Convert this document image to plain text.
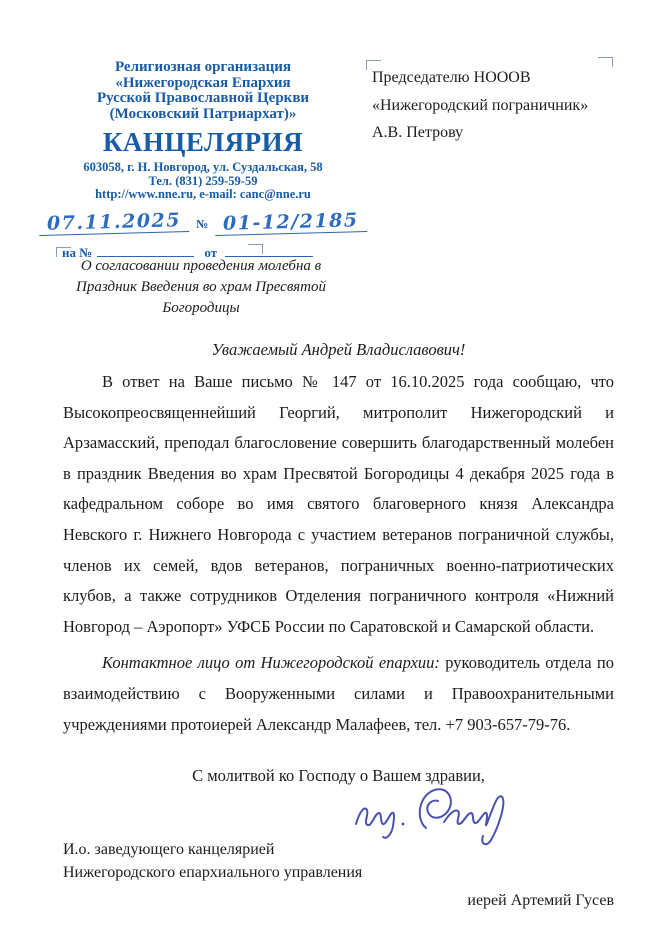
Религиозная организация
«Нижегородская Епархия
Русской Православной Церкви
(Московский Патриархат)»
КАНЦЕЛЯРИЯ
603058, г. Н. Новгород, ул. Суздальская, 58
Тел. (831) 259-59-59
http://www.nne.ru, e-mail: canc@nne.ru
07.11.2025	№ 01-12/2185
на №	от
Председателю НОООВ
«Нижегородский пограничник»
А.В. Петрову
О согласовании проведения молебна в Праздник Введения во храм Пресвятой Богородицы

Уважаемый Андрей Владиславович!

В ответ на Ваше письмо № 147 от 16.10.2025 года сообщаю, что Высокопреосвященнейший Георгий, митрополит Нижегородский и Арзамасский, преподал благословение совершить благодарственный молебен в праздник Введения во храм Пресвятой Богородицы 4 декабря 2025 года в кафедральном соборе во имя святого благоверного князя Александра Невского г. Нижнего Новгорода с участием ветеранов пограничной службы, членов их семей, вдов ветеранов, пограничных военно-патриотических клубов, а также сотрудников Отделения пограничного контроля «Нижний Новгород – Аэропорт» УФСБ России по Саратовской и Самарской области.

Контактное лицо от Нижегородской епархии: руководитель отдела по взаимодействию с Вооруженными силами и Правоохранительными учреждениями протоиерей Александр Малафеев, тел. +7 903-657-79-76.

С молитвой ко Господу о Вашем здравии,

И.о. заведующего канцелярией
Нижегородского епархиального управления
иерей Артемий Гусев
